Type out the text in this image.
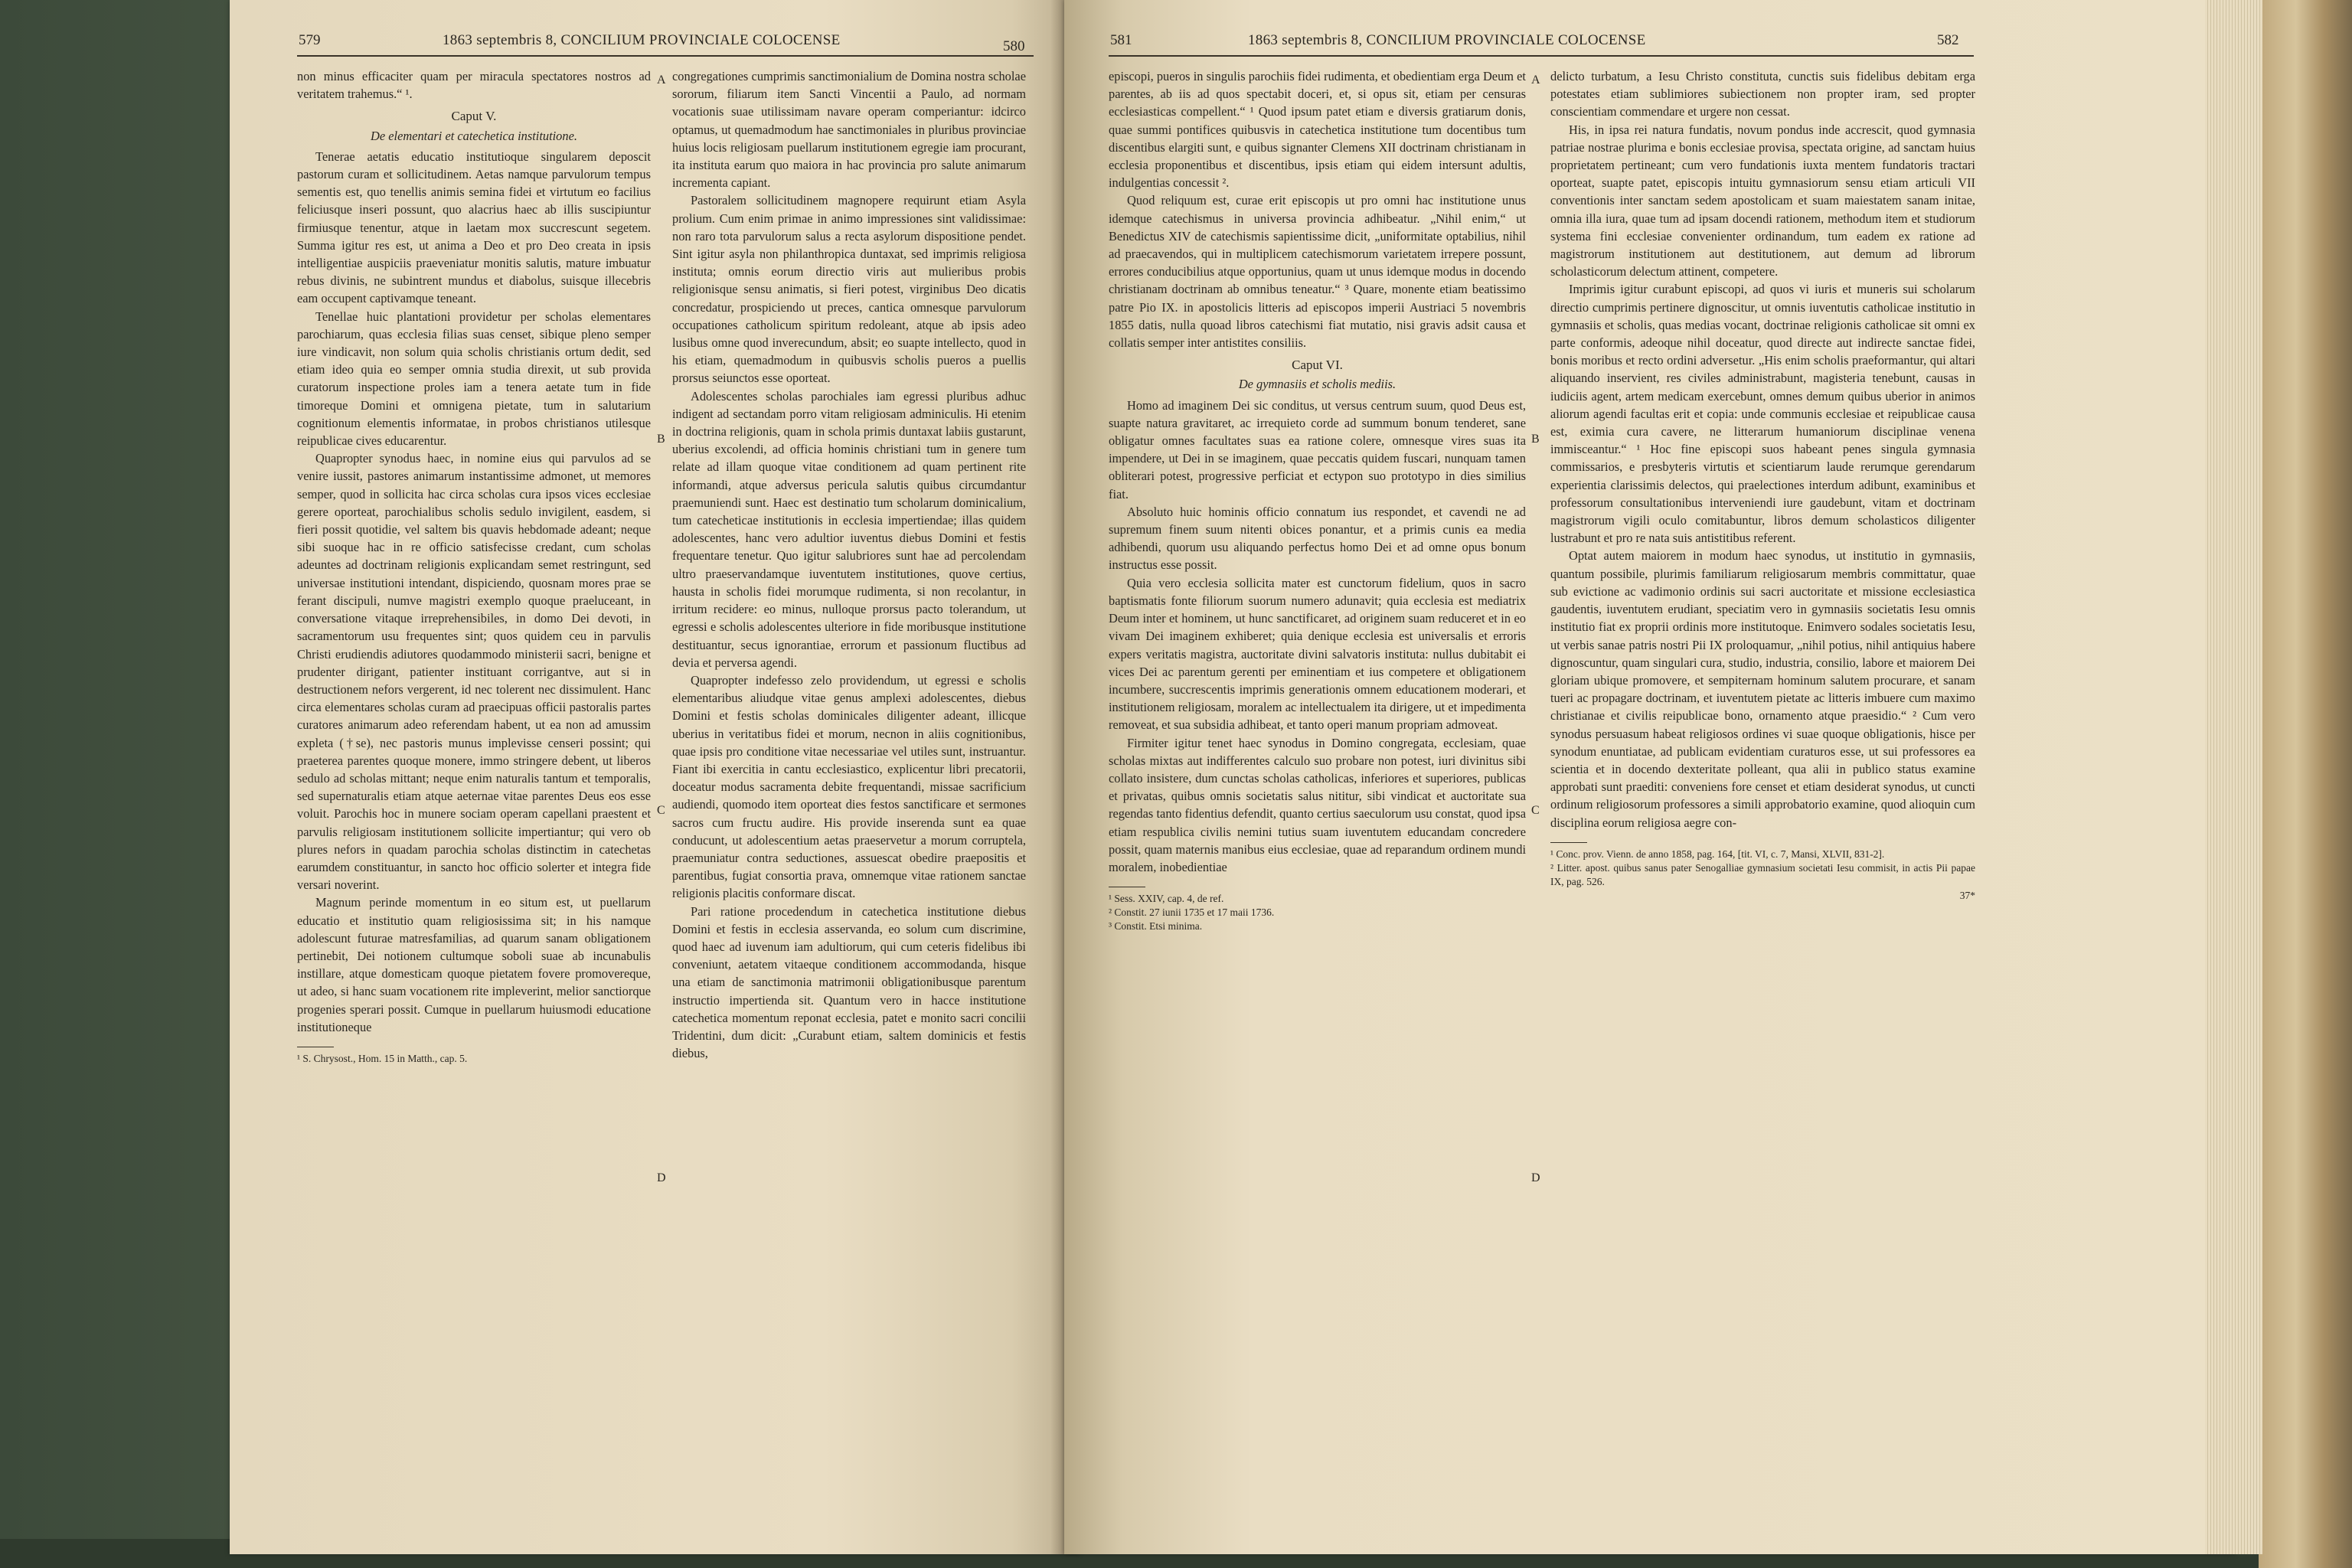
579	1863 septembris 8, CONCILIUM PROVINCIALE COLOCENSE	580

non minus efficaciter quam per miracula spectatores nostros ad veritatem trahemus.“ ¹.

Caput V.
De elementari et catechetica institutione.

Tenerae aetatis educatio institutioque singularem deposcit pastorum curam et sollicitudinem. Aetas namque parvulorum tempus sementis est, quo tenellis animis semina fidei et virtutum eo facilius feliciusque inseri possunt, quo alacrius haec ab illis suscipiuntur firmiusque tenentur, atque in laetam mox succrescunt segetem. Summa igitur res est, ut anima a Deo et pro Deo creata in ipsis intelligentiae auspiciis praeveniatur monitis salutis, mature imbuatur rebus divinis, ne subintrent mundus et diabolus, suisque illecebris eam occupent captivamque teneant.

Tenellae huic plantationi providetur per scholas elementares parochiarum, quas ecclesia filias suas censet, sibique pleno semper iure vindicavit, non solum quia scholis christianis ortum dedit, sed etiam ideo quia eo semper omnia studia direxit, ut sub provida curatorum inspectione proles iam a tenera aetate tum in fide timoreque Domini et omnigena pietate, tum in salutarium cognitionum elementis informatae, in probos christianos utilesque reipublicae cives educarentur.

Quapropter synodus haec, in nomine eius qui parvulos ad se venire iussit, pastores animarum instantissime admonet, ut memores semper, quod in sollicita hac circa scholas cura ipsos vices ecclesiae gerere oporteat, parochialibus scholis sedulo invigilent, easdem, si fieri possit quotidie, vel saltem bis quavis hebdomade adeant; neque sibi suoque hac in re officio satisfecisse credant, cum scholas adeuntes ad doctrinam religionis explicandam semet restringunt, sed universae institutioni intendant, dispiciendo, quosnam mores prae se ferant discipuli, numve magistri exemplo quoque praeluceant, in conversatione vitaque irreprehensibiles, in domo Dei devoti, in sacramentorum usu frequentes sint; quos quidem ceu in parvulis Christi erudiendis adiutores quodammodo ministerii sacri, benigne et prudenter dirigant, patienter instituant corrigantve, aut si in destructionem nefors vergerent, id nec tolerent nec dissimulent. Hanc circa elementares scholas curam ad praecipuas officii pastoralis partes curatores animarum adeo referendam habent, ut ea non ad amussim expleta (†se), nec pastoris munus implevisse censeri possint; qui praeterea parentes quoque monere, immo stringere debent, ut liberos sedulo ad scholas mittant; neque enim naturalis tantum et temporalis, sed supernaturalis etiam atque aeternae vitae parentes Deus eos esse voluit. Parochis hoc in munere sociam operam capellani praestent et parvulis religiosam institutionem sollicite impertiantur; qui vero ob plures nefors in quadam parochia scholas distinctim in catechetas earumdem constituantur, in sancto hoc officio solerter et integra fide versari noverint.

Magnum perinde momentum in eo situm est, ut puellarum educatio et institutio quam religiosissima sit; in his namque adolescunt futurae matresfamilias, ad quarum sanam obligationem pertinebit, Dei notionem cultumque soboli suae ab incunabulis instillare, atque domesticam quoque pietatem fovere promovereque, ut adeo, si hanc suam vocationem rite impleverint, melior sanctiorque progenies sperari possit. Cumque in puellarum huiusmodi educatione institutioneque

¹ S. Chrysost., Hom. 15 in Matth., cap. 5.

A
B
C
D

congregationes cumprimis sanctimonialium de Domina nostra scholae sororum, filiarum item Sancti Vincentii a Paulo, ad normam vocationis suae utilissimam navare operam comperiantur: idcirco optamus, ut quemadmodum hae sanctimoniales in pluribus provinciae huius locis religiosam puellarum institutionem egregie iam procurant, ita instituta earum quo maiora in hac provincia pro salute animarum incrementa capiant.

Pastoralem sollicitudinem magnopere requirunt etiam Asyla prolium. Cum enim primae in animo impressiones sint validissimae: non raro tota parvulorum salus a recta asylorum dispositione pendet. Sint igitur asyla non philanthropica duntaxat, sed imprimis religiosa instituta; omnis eorum directio viris aut mulieribus probis religionisque sensu animatis, si fieri potest, virginibus Deo dicatis concredatur, prospiciendo ut preces, cantica omnesque parvulorum occupationes catholicum spiritum redoleant, atque ab ipsis adeo lusibus omne quod inverecundum, absit; eo suapte intellecto, quod in his etiam, quemadmodum in quibusvis scholis pueros a puellis prorsus seiunctos esse oporteat.

Adolescentes scholas parochiales iam egressi pluribus adhuc indigent ad sectandam porro vitam religiosam adminiculis. Hi etenim in doctrina religionis, quam in schola primis duntaxat labiis gustarunt, uberius excolendi, ad officia hominis christiani tum in genere tum relate ad illam quoque vitae conditionem ad quam pertinent rite informandi, atque adversus pericula salutis quibus circumdantur praemuniendi sunt. Haec est destinatio tum scholarum dominicalium, tum catecheticae institutionis in ecclesia impertiendae; illas quidem adolescentes, hanc vero adultior iuventus diebus Domini et festis frequentare tenetur. Quo igitur salubriores sunt hae ad percolendam ultro praeservandamque iuventutem institutiones, quove certius, hausta in scholis fidei morumque rudimenta, si non recolantur, in irritum recidere: eo minus, nulloque prorsus pacto tolerandum, ut egressi e scholis adolescentes ulteriore in fide moribusque institutione destituantur, secus ignorantiae, errorum et passionum fluctibus ad devia et perversa agendi.

Quapropter indefesso zelo providendum, ut egressi e scholis elementaribus aliudque vitae genus amplexi adolescentes, diebus Domini et festis scholas dominicales diligenter adeant, illicque uberius in veritatibus fidei et morum, necnon in aliis cognitionibus, quae ipsis pro conditione vitae necessariae vel utiles sunt, instruantur. Fiant ibi exercitia in cantu ecclesiastico, explicentur libri precatorii, doceatur modus sacramenta debite frequentandi, missae sacrificium audiendi, quomodo item oporteat dies festos sanctificare et sermones sacros cum fructu audire. His provide inserenda sunt ea quae conducunt, ut adolescentium aetas praeservetur a morum corruptela, praemuniatur contra seductiones, assuescat obedire praepositis et parentibus, fugiat consortia prava, omnemque vitae rationem sanctae religionis placitis conformare discat.

Pari ratione procedendum in catechetica institutione diebus Domini et festis in ecclesia asservanda, eo solum cum discrimine, quod haec ad iuvenum iam adultiorum, qui cum ceteris fidelibus ibi conveniunt, aetatem vitaeque conditionem accommodanda, hisque una etiam de sanctimonia matrimonii obligationibusque parentum instructio impertienda sit. Quantum vero in hacce institutione catechetica momentum reponat ecclesia, patet e monito sacri concilii Tridentini, dum dicit: „Curabunt etiam, saltem dominicis et festis diebus,

581	1863 septembris 8, CONCILIUM PROVINCIALE COLOCENSE	582

episcopi, pueros in singulis parochiis fidei rudimenta, et obedientiam erga Deum et parentes, ab iis ad quos spectabit doceri, et, si opus sit, etiam per censuras ecclesiasticas compellent.“ ¹ Quod ipsum patet etiam e diversis gratiarum donis, quae summi pontifices quibusvis in catechetica institutione tum docentibus tum discentibus elargiti sunt, e quibus signanter Clemens XII doctrinam christianam in ecclesia proponentibus et discentibus, ipsis etiam qui eidem intersunt adultis, indulgentias concessit ².

Quod reliquum est, curae erit episcopis ut pro omni hac institutione unus idemque catechismus in universa provincia adhibeatur. „Nihil enim,“ ut Benedictus XIV de catechismis sapientissime dicit, „uniformitate optabilius, nihil ad praecavendos, qui in multiplicem catechismorum varietatem irrepere possunt, errores conducibilius atque opportunius, quam ut unus idemque modus in docendo christianam doctrinam ab omnibus teneatur.“ ³ Quare, monente etiam beatissimo patre Pio IX. in apostolicis litteris ad episcopos imperii Austriaci 5 novembris 1855 datis, nulla quoad libros catechismi fiat mutatio, nisi gravis adsit causa et collatis semper inter antistites consiliis.

Caput VI.
De gymnasiis et scholis mediis.

Homo ad imaginem Dei sic conditus, ut versus centrum suum, quod Deus est, suapte natura gravitaret, ac irrequieto corde ad summum bonum tenderet, sane obligatur omnes facultates suas ea ratione colere, omnesque vires suas ita impendere, ut Dei in se imaginem, quae peccatis quidem fuscari, nunquam tamen obliterari potest, progressive perficiat et ectypon suo prototypo in dies similius fiat.

Absoluto huic hominis officio connatum ius respondet, et cavendi ne ad supremum finem suum nitenti obices ponantur, et a primis cunis ea media adhibendi, quorum usu aliquando perfectus homo Dei et ad omne opus bonum instructus esse possit.

Quia vero ecclesia sollicita mater est cunctorum fidelium, quos in sacro baptismatis fonte filiorum suorum numero adunavit; quia ecclesia est mediatrix Deum inter et hominem, ut hunc sanctificaret, ad originem suam reduceret et in eo vivam Dei imaginem exhiberet; quia denique ecclesia est universalis et erroris expers veritatis magistra, auctoritate divini salvatoris instituta: nullus dubitabit ei vices Dei ac parentum gerenti per eminentiam et ius competere et obligationem incumbere, succrescentis imprimis generationis omnem educationem moderari, et institutionem religiosam, moralem ac intellectualem ita dirigere, ut et impedimenta removeat, et sua subsidia adhibeat, et tanto operi manum propriam admoveat.

Firmiter igitur tenet haec synodus in Domino congregata, ecclesiam, quae scholas mixtas aut indifferentes calculo suo probare non potest, iuri divinitus sibi collato insistere, dum cunctas scholas catholicas, inferiores et superiores, publicas et privatas, quibus omnis societatis salus nititur, sibi vindicat et auctoritate sua regendas tanto fidentius defendit, quanto certius saeculorum usu constat, quod ipsa etiam respublica civilis nemini tutius suam iuventutem educandam concredere possit, quam maternis manibus eius ecclesiae, quae ad reparandum ordinem mundi moralem, inobedientiae

¹ Sess. XXIV, cap. 4, de ref.

² Constit. 27 iunii 1735 et 17 maii 1736.

³ Constit. Etsi minima.

A
B
C
D

delicto turbatum, a Iesu Christo constituta, cunctis suis fidelibus debitam erga potestates etiam sublimiores subiectionem non propter iram, sed propter conscientiam commendare et urgere non cessat.

His, in ipsa rei natura fundatis, novum pondus inde accrescit, quod gymnasia patriae nostrae plurima e bonis ecclesiae provisa, spectata origine, ad sanctam huius proprietatem pertineant; cum vero fundationis iuxta mentem fundatoris tractari oporteat, suapte patet, episcopis intuitu gymnasiorum sensu etiam articuli VII conventionis inter sanctam sedem apostolicam et suam maiestatem sanam initae, omnia illa iura, quae tum ad ipsam docendi rationem, methodum item et studiorum systema fini ecclesiae convenienter ordinandum, tum eadem ex ratione ad magistrorum institutionem aut destitutionem, aut demum ad librorum scholasticorum delectum attinent, competere.

Imprimis igitur curabunt episcopi, ad quos vi iuris et muneris sui scholarum directio cumprimis pertinere dignoscitur, ut omnis iuventutis catholicae institutio in gymnasiis et scholis, quas medias vocant, doctrinae religionis catholicae sit omni ex parte conformis, adeoque nihil doceatur, quod directe aut indirecte sanctae fidei, bonis moribus et recto ordini adversetur. „His enim scholis praeformantur, qui altari aliquando inservient, res civiles administrabunt, magisteria tenebunt, causas in iudiciis agent, artem medicam exercebunt, omnes demum quibus uberior in animos aliorum agendi facultas erit et copia: unde communis ecclesiae et reipublicae causa est, eximia cura cavere, ne litterarum humaniorum disciplinae venena immisceantur.“ ¹ Hoc fine episcopi suos habeant penes singula gymnasia commissarios, e presbyteris virtutis et scientiarum laude rerumque gerendarum experientia clarissimis delectos, qui praelectiones interdum adibunt, examinibus et professorum consultationibus interveniendi iure gaudebunt, vitam et doctrinam magistrorum vigili oculo comitabuntur, libros demum scholasticos diligenter lustrabunt et pro re nata suis antistitibus referent.

Optat autem maiorem in modum haec synodus, ut institutio in gymnasiis, quantum possibile, plurimis familiarum religiosarum membris committatur, quae sub evictione ac vadimonio ordinis sui sacri auctoritate et missione ecclesiastica gaudentis, iuventutem erudiant, speciatim vero in gymnasiis societatis Iesu omnis institutio fiat ex proprii ordinis more institutoque. Enimvero sodales societatis Iesu, ut verbis sanae patris nostri Pii IX proloquamur, „nihil potius, nihil antiquius habere dignoscuntur, quam singulari cura, studio, industria, consilio, labore et maiorem Dei gloriam ubique promovere, et sempiternam hominum salutem procurare, et sanam tueri ac propagare doctrinam, et iuventutem pietate ac litteris imbuere cum maximo christianae et civilis reipublicae bono, ornamento atque praesidio.“ ² Cum vero synodus persuasum habeat religiosos ordines vi suae quoque obligationis, hisce per synodum enuntiatae, ad publicam evidentiam curaturos esse, ut sui professores ea scientia et in docendo dexteritate polleant, qua alii in publico status examine approbati sunt praediti: conveniens fore censet et etiam desiderat synodus, ut cuncti ordinum religiosorum professores a simili approbatorio examine, quod alioquin cum disciplina eorum religiosa aegre con-

¹ Conc. prov. Vienn. de anno 1858, pag. 164, [tit. VI, c. 7, Mansi, XLVII, 831-2].

² Litter. apost. quibus sanus pater Senogalliae gymnasium societati Iesu commisit, in actis Pii papae IX, pag. 526.

37*
